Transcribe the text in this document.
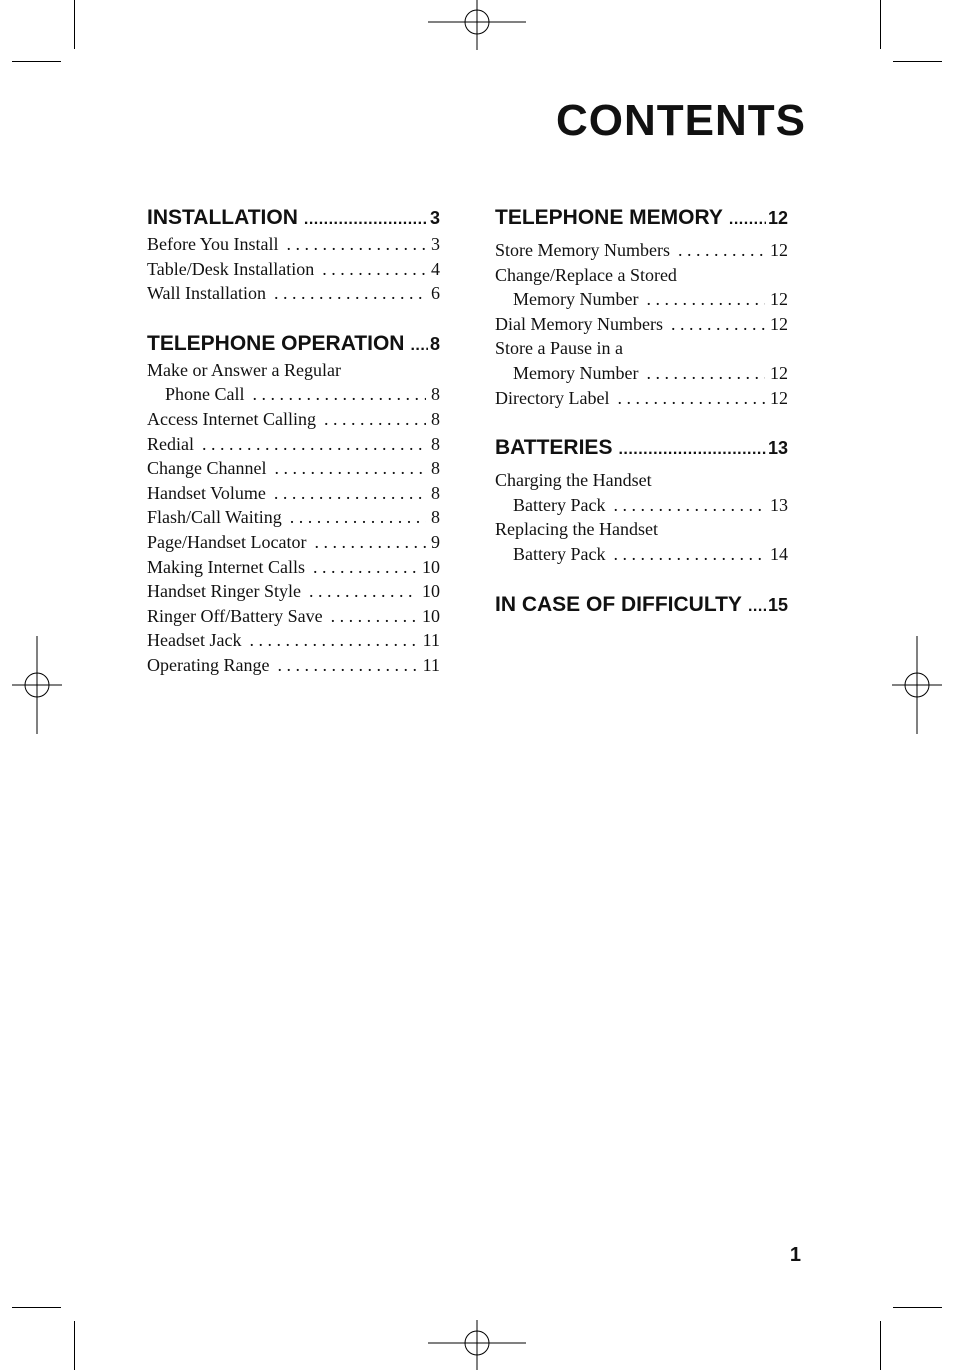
CONTENTS
INSTALLATION .....	3
Before You Install .....	3
Table/Desk Installation .....	4
Wall Installation .....	6
TELEPHONE OPERATION ..... 8
Make or Answer a Regular
Phone Call .....	8
Access Internet Calling .....	8
Redial .....	8
Change Channel .....	8
Handset Volume .....	8
Flash/Call Waiting .....	8
Page/Handset Locator .....	9
Making Internet Calls .....	10
Handset Ringer Style .....	10
Ringer Off/Battery Save .....	10
Headset Jack .....	11
Operating Range .....	11
TELEPHONE MEMORY .....	12
Store Memory Numbers .....	12
Change/Replace a Stored
Memory Number .....	12
Dial Memory Numbers .....	12
Store a Pause in a
Memory Number .....	12
Directory Label .....	12
BATTERIES .....	13
Charging the Handset
Battery Pack .....	13
Replacing the Handset
Battery Pack .....	14
IN CASE OF DIFFICULTY ..... 15
1
